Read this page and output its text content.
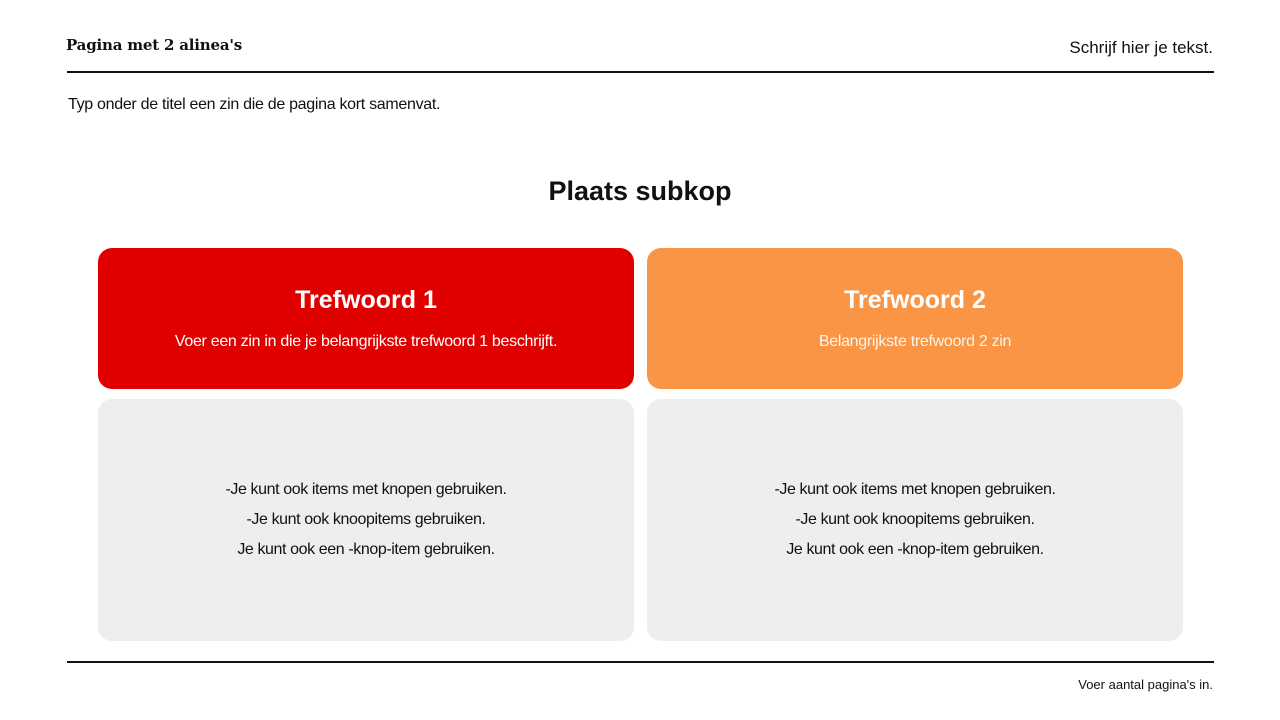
Pagina met 2 alinea's	Schrijf hier je tekst.
Typ onder de titel een zin die de pagina kort samenvat.
Plaats subkop
Trefwoord 1
Voer een zin in die je belangrijkste trefwoord 1 beschrijft.
Trefwoord 2
Belangrijkste trefwoord 2 zin
-Je kunt ook items met knopen gebruiken.
-Je kunt ook knoopitems gebruiken.
Je kunt ook een -knop-item gebruiken.
-Je kunt ook items met knopen gebruiken.
-Je kunt ook knoopitems gebruiken.
Je kunt ook een -knop-item gebruiken.
Voer aantal pagina's in.
